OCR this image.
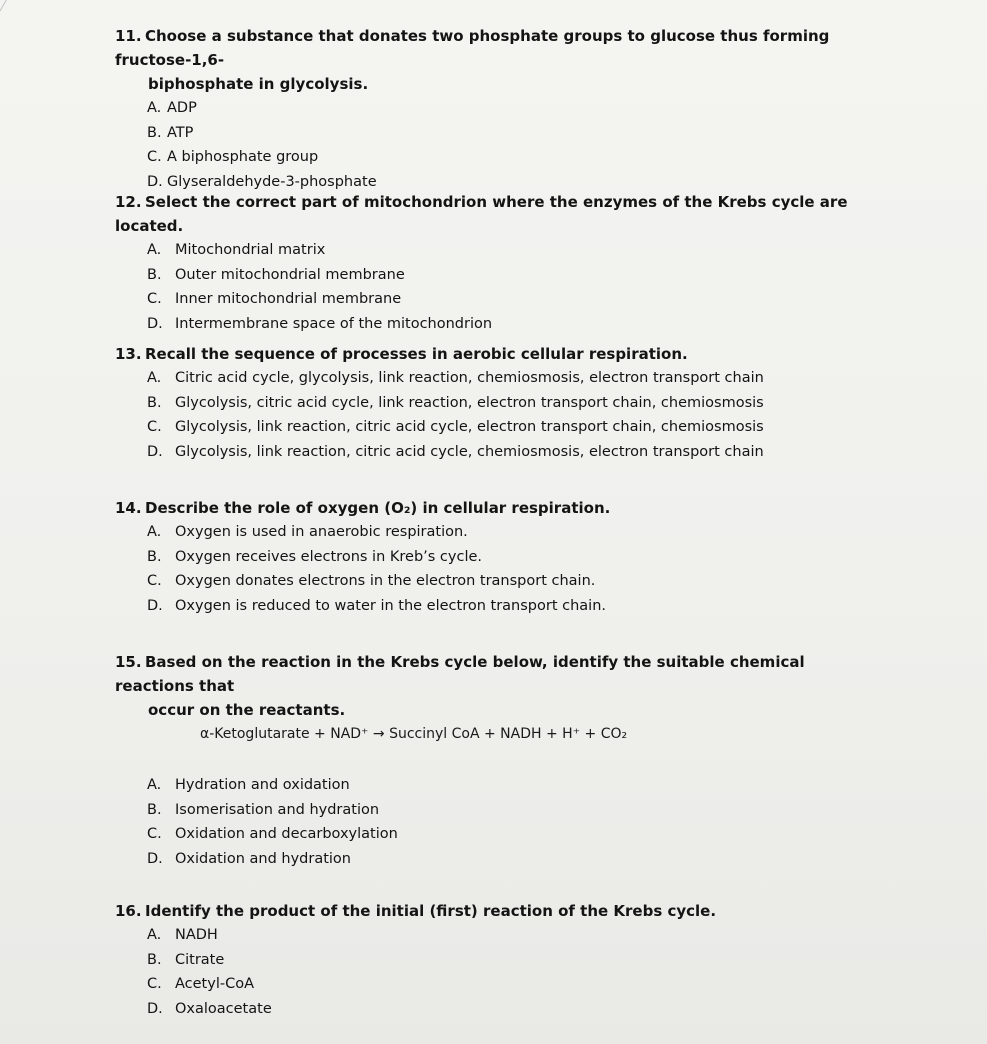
11. Choose a substance that donates two phosphate groups to glucose thus forming fructose-1,6-
biphosphate in glycolysis.

A. ADP
B. ATP
C. A biphosphate group
D. Glyseraldehyde-3-phosphate

12. Select the correct part of mitochondrion where the enzymes of the Krebs cycle are located.

A. Mitochondrial matrix
B. Outer mitochondrial membrane
C. Inner mitochondrial membrane
D. Intermembrane space of the mitochondrion

13. Recall the sequence of processes in aerobic cellular respiration.

A. Citric acid cycle, glycolysis, link reaction, chemiosmosis, electron transport chain
B. Glycolysis, citric acid cycle, link reaction, electron transport chain, chemiosmosis
C. Glycolysis, link reaction, citric acid cycle, electron transport chain, chemiosmosis
D. Glycolysis, link reaction, citric acid cycle, chemiosmosis, electron transport chain

14. Describe the role of oxygen (O₂) in cellular respiration.

A. Oxygen is used in anaerobic respiration.
B. Oxygen receives electrons in Kreb’s cycle.
C. Oxygen donates electrons in the electron transport chain.
D. Oxygen is reduced to water in the electron transport chain.

15. Based on the reaction in the Krebs cycle below, identify the suitable chemical reactions that
occur on the reactants.

α-Ketoglutarate + NAD⁺ → Succinyl CoA + NADH + H⁺ + CO₂
A. Hydration and oxidation
B. Isomerisation and hydration
C. Oxidation and decarboxylation
D. Oxidation and hydration

16. Identify the product of the initial (first) reaction of the Krebs cycle.

A. NADH
B. Citrate
C. Acetyl-CoA
D. Oxaloacetate
